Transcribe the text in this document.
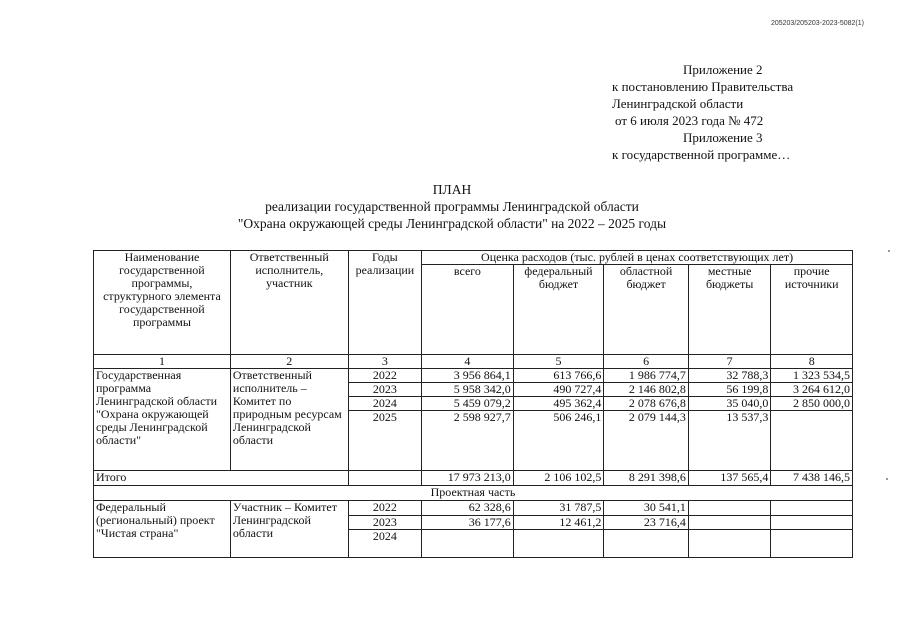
205203/205203-2023-5082(1)
Приложение 2
к постановлению Правительства
Ленинградской области
от 6 июля 2023 года № 472
Приложение 3
к государственной программе…
ПЛАН
реализации государственной программы Ленинградской области
"Охрана окружающей среды Ленинградской области" на 2022 – 2025 годы
Наименование государственной программы, структурного элемента государственной программы	Ответственный исполнитель, участник	Годы реализации	Оценка расходов (тыс. рублей в ценах соответствующих лет)				
			всего	федеральный бюджет	областной бюджет	местные бюджеты	прочие источники
1	2	3	4	5	6	7	8
Государственная программа Ленинградской области "Охрана окружающей среды Ленинградской области"	Ответственный исполнитель – Комитет по природным ресурсам Ленинградской области	2022	3 956 864,1	613 766,6	1 986 774,7	32 788,3	1 323 534,5
		2023	5 958 342,0	490 727,4	2 146 802,8	56 199,8	3 264 612,0
		2024	5 459 079,2	495 362,4	2 078 676,8	35 040,0	2 850 000,0
		2025	2 598 927,7	506 246,1	2 079 144,3	13 537,3	
Итого			17 973 213,0	2 106 102,5	8 291 398,6	137 565,4	7 438 146,5
Проектная часть							
Федеральный (региональный) проект "Чистая страна"	Участник – Комитет Ленинградской области	2022	62 328,6	31 787,5	30 541,1		
		2023	36 177,6	12 461,2	23 716,4		
		2024					
